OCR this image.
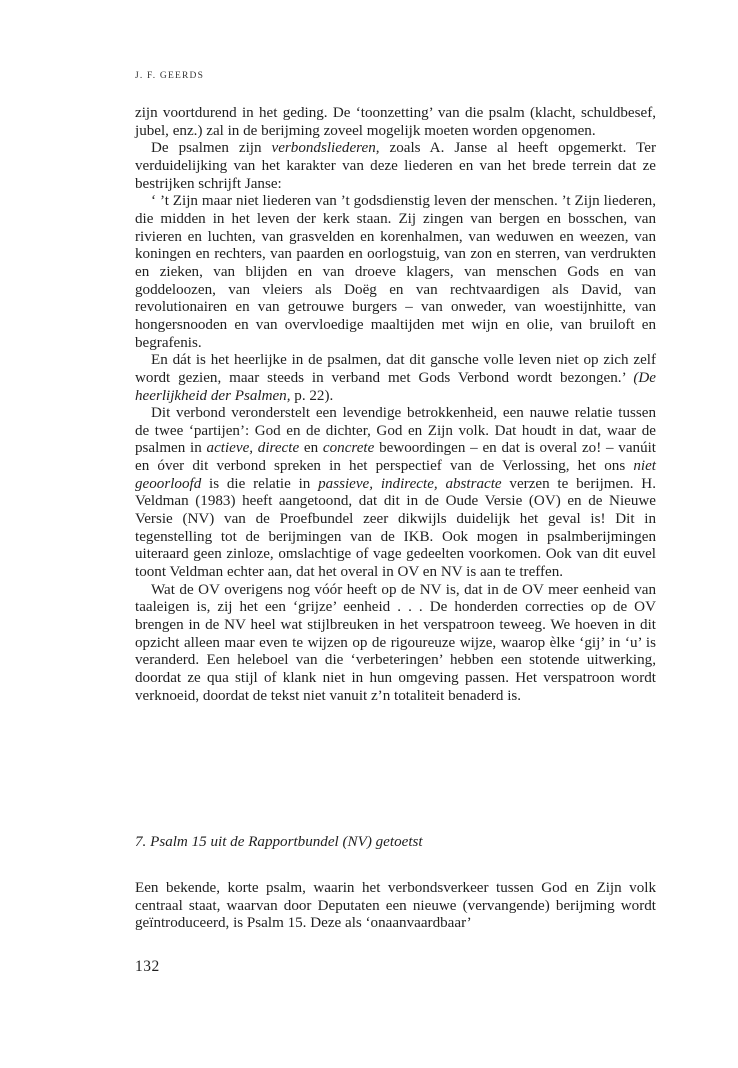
J. F. GEERDS

zijn voortdurend in het geding. De ‘toonzetting’ van die psalm (klacht, schuldbesef, jubel, enz.) zal in de berijming zoveel mogelijk moeten worden opgenomen.

De psalmen zijn verbondsliederen, zoals A. Janse al heeft opgemerkt. Ter verduidelijking van het karakter van deze liederen en van het brede terrein dat ze bestrijken schrijft Janse:

‘ ’t Zijn maar niet liederen van ’t godsdienstig leven der menschen. ’t Zijn liederen, die midden in het leven der kerk staan. Zij zingen van bergen en bosschen, van rivieren en luchten, van grasvelden en korenhalmen, van weduwen en weezen, van koningen en rechters, van paarden en oorlogstuig, van zon en sterren, van verdrukten en zieken, van blijden en van droeve klagers, van menschen Gods en van goddeloozen, van vleiers als Doëg en van rechtvaardigen als David, van revolutionairen en van getrouwe burgers – van onweder, van woestijnhitte, van hongersnooden en van overvloedige maaltijden met wijn en olie, van bruiloft en begrafenis.

En dát is het heerlijke in de psalmen, dat dit gansche volle leven niet op zich zelf wordt gezien, maar steeds in verband met Gods Verbond wordt bezongen.’ (De heerlijkheid der Psalmen, p. 22).

Dit verbond veronderstelt een levendige betrokkenheid, een nauwe relatie tussen de twee ‘partijen’: God en de dichter, God en Zijn volk. Dat houdt in dat, waar de psalmen in actieve, directe en concrete bewoordingen – en dat is overal zo! – vanúit en óver dit verbond spreken in het perspectief van de Verlossing, het ons niet geoorloofd is die relatie in passieve, indirecte, abstracte verzen te berijmen. H. Veldman (1983) heeft aangetoond, dat dit in de Oude Versie (OV) en de Nieuwe Versie (NV) van de Proefbundel zeer dikwijls duidelijk het geval is! Dit in tegenstelling tot de berijmingen van de IKB. Ook mogen in psalmberijmingen uiteraard geen zinloze, omslachtige of vage gedeelten voorkomen. Ook van dit euvel toont Veldman echter aan, dat het overal in OV en NV is aan te treffen.

Wat de OV overigens nog vóór heeft op de NV is, dat in de OV meer eenheid van taaleigen is, zij het een ‘grijze’ eenheid . . . De honderden correcties op de OV brengen in de NV heel wat stijlbreuken in het verspatroon teweeg. We hoeven in dit opzicht alleen maar even te wijzen op de rigoureuze wijze, waarop èlke ‘gij’ in ‘u’ is veranderd. Een heleboel van die ‘verbeteringen’ hebben een stotende uitwerking, doordat ze qua stijl of klank niet in hun omgeving passen. Het verspatroon wordt verknoeid, doordat de tekst niet vanuit z’n totaliteit benaderd is.

7. Psalm 15 uit de Rapportbundel (NV) getoetst

Een bekende, korte psalm, waarin het verbondsverkeer tussen God en Zijn volk centraal staat, waarvan door Deputaten een nieuwe (vervangende) berijming wordt geïntroduceerd, is Psalm 15. Deze als ‘onaanvaardbaar’

132
